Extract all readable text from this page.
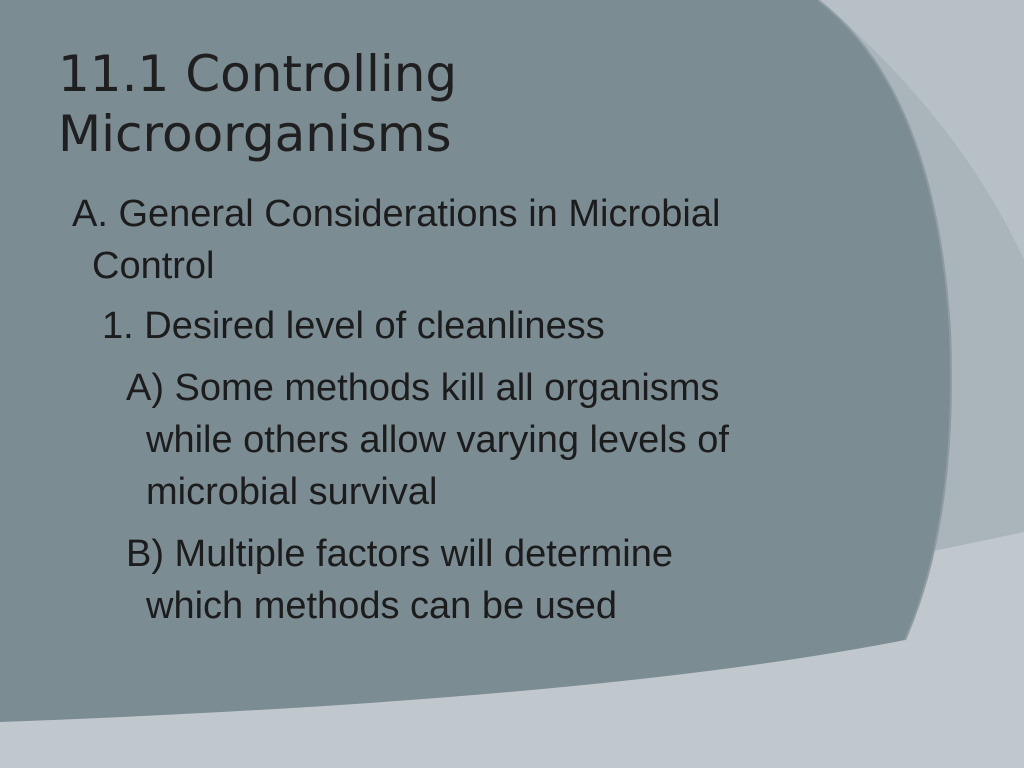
11.1 Controlling
Microorganisms

A. General Considerations in Microbial

Control

1. Desired level of cleanliness

A) Some methods kill all organisms

while others allow varying levels of

microbial survival

B) Multiple factors will determine

which methods can be used
